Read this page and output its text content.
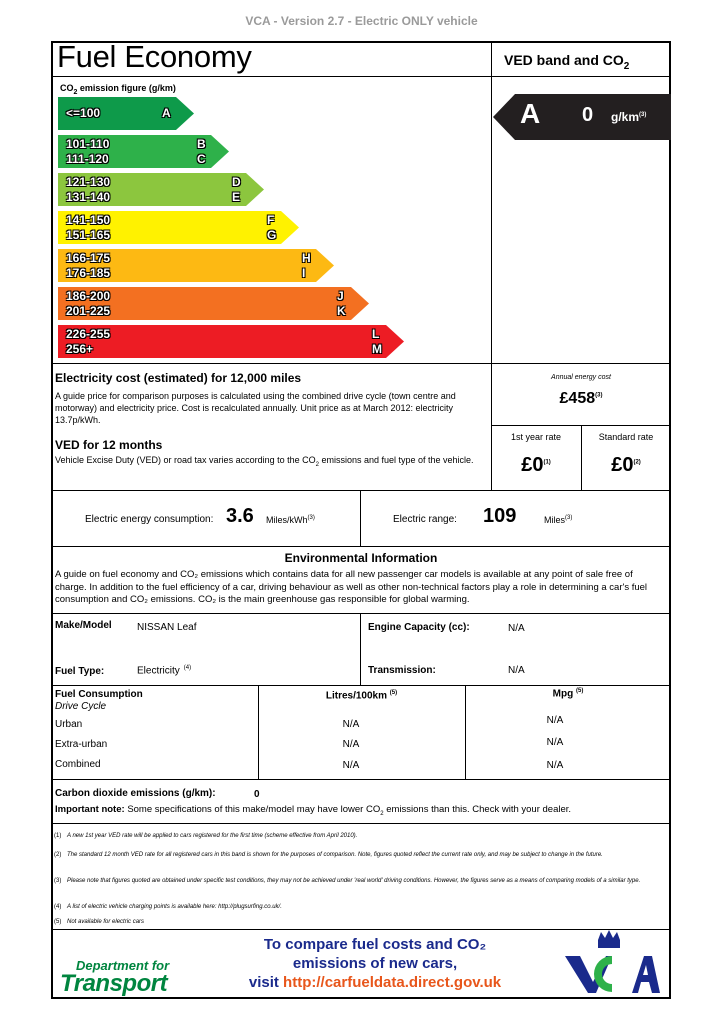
VCA - Version 2.7 - Electric ONLY vehicle
Fuel Economy	VED band and $CO_2$
$CO_2$ emission figure (g/km)
<=100	A
101-110
111-120
B
C
121-130
131-140
D
E
141-150
151-165
F
G
166-175
176-185
H
I
186-200
201-225
J
K
226-255
256+
L
M
A 0 $g/km^{(3)}$
Electricity cost (estimated) for 12,000 miles
A guide price for comparison purposes is calculated using the combined drive cycle (town centre and motorway) and electricity price. Cost is recalculated annually. Unit price as at March 2012: electricity 13.7p/kWh.
Annual energy cost
£458$^{(3)}$
VED for 12 months
Vehicle Excise Duty (VED) or road tax varies according to the $CO_2$ emissions and fuel type of the vehicle.
1st year rate
£0$^{(1)}$
Standard rate
£0$^{(2)}$
Electric energy consumption: 3.6 Miles/kWh$^{(3)}$	Electric range: 109	Miles$^{(3)}$
Environmental Information
A guide on fuel economy and CO₂ emissions which contains data for all new passenger car models is available at any point of sale free of charge. In addition to the fuel efficiency of a car, driving behaviour as well as other non-technical factors play a role in determining a car's fuel consumption and CO₂ emissions. CO₂ is the main greenhouse gas responsible for global warming.
Make/Model	NISSAN Leaf	Engine Capacity (cc):	N/A
Fuel Type:	Electricity $^{(4)}$	Transmission:	N/A
Fuel Consumption
Drive Cycle
Litres/100km $^{(5)}$	Mpg $^{(5)}$
Urban	N/A	N/A
Extra-urban	N/A	N/A
Combined	N/A	N/A
Carbon dioxide emissions (g/km):	0
Important note: Some specifications of this make/model may have lower $CO_2$ emissions than this. Check with your dealer.
(1) A new 1st year VED rate will be applied to cars registered for the first time (scheme effective from April 2010).
(2) The standard 12 month VED rate for all registered cars in this band is shown for the purposes of comparison. Note, figures quoted reflect the current rate only, and may be subject to change in the future.
(3) Please note that figures quoted are obtained under specific test conditions, they may not be achieved under 'real world' driving conditions. However, the figures serve as a means of comparing models of a similar type.
(4) A list of electric vehicle charging points is available here: http://plugsurfing.co.uk/.
(5) Not available for electric cars
Department for
Transport
To compare fuel costs and CO₂
emissions of new cars,
visit http://carfueldata.direct.gov.uk
VCA
